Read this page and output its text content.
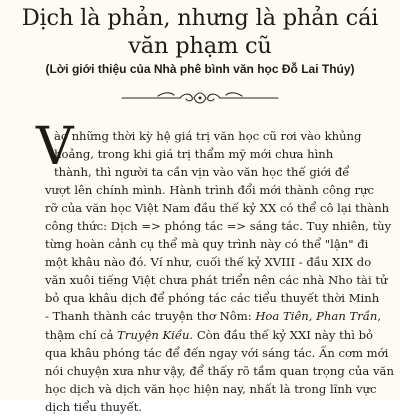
Dịch là phản, nhưng là phản cái
văn phạm cũ
(Lời giới thiệu của Nhà phê bình văn học Đỗ Lai Thúy)
V
ào những thời kỳ hệ giá trị văn học cũ rơi vào khủng
hoảng, trong khi giá trị thẩm mỹ mới chưa hình
thành, thì người ta cần vịn vào văn học thế giới để
vượt lên chính mình. Hành trình đổi mới thành công rực
rỡ của văn học Việt Nam đầu thế kỷ XX có thể cô lại thành
công thức: Dịch => phóng tác => sáng tác. Tuy nhiên, tùy
từng hoàn cảnh cụ thể mà quy trình này có thể "lận" đi
một khâu nào đó. Ví như, cuối thế kỷ XVIII - đầu XIX do
văn xuôi tiếng Việt chưa phát triển nên các nhà Nho tài tử
bỏ qua khâu dịch để phóng tác các tiểu thuyết thời Minh
- Thanh thành các truyện thơ Nôm: Hoa Tiên, Phan Trần,
thậm chí cả Truyện Kiều. Còn đầu thế kỷ XXI này thì bỏ
qua khâu phóng tác để đến ngay với sáng tác. Ấn cơm mới
nói chuyện xưa như vậy, để thấy rõ tầm quan trọng của văn
học dịch và dịch văn học hiện nay, nhất là trong lĩnh vực
dịch tiểu thuyết.
